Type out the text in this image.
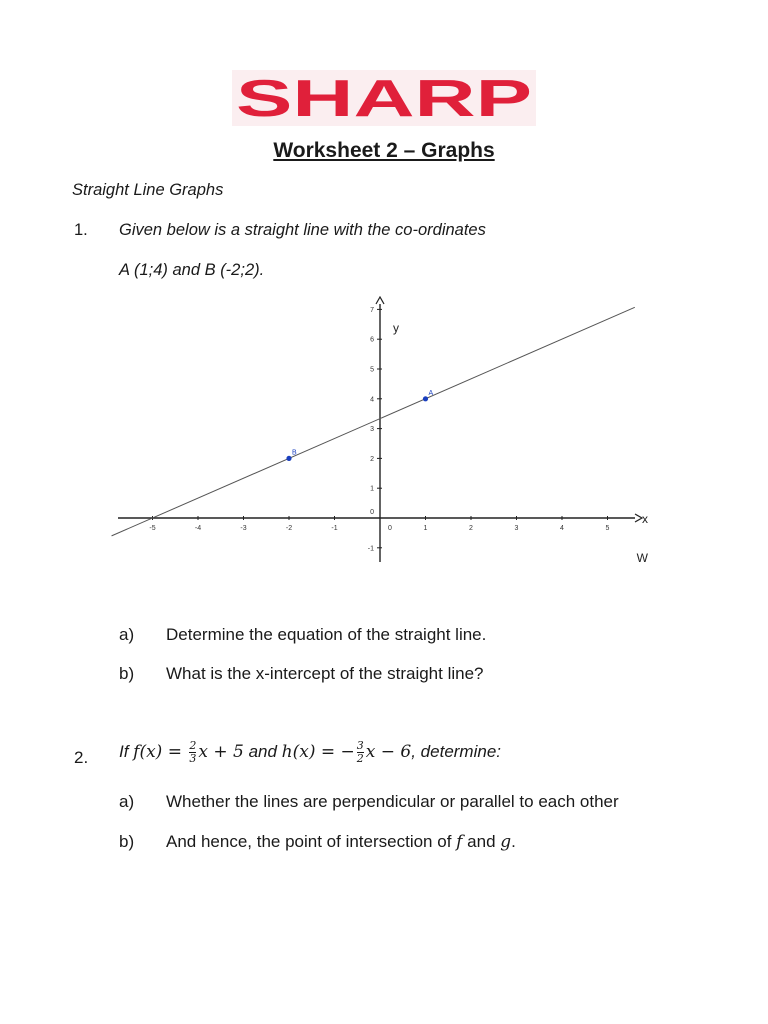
SHARP
Worksheet 2 – Graphs
Straight Line Graphs
1. Given below is a straight line with the co-ordinates
A (1;4) and B (-2;2).
-5	-4	-3	-2	-1	0	1	2	3	4	5
-1
0
1
2
3
4
5
6
7
x
y
W
A
B
a) Determine the equation of the straight line.
b) What is the x-intercept of the straight line?
2. If $f(x) = \frac{2}{3}$ x + 5 and h(x) = − $\frac{3}{2}$ x − 6, determine:
a) Whether the lines are perpendicular or parallel to each other
b) And hence, the point of intersection of f and g.
